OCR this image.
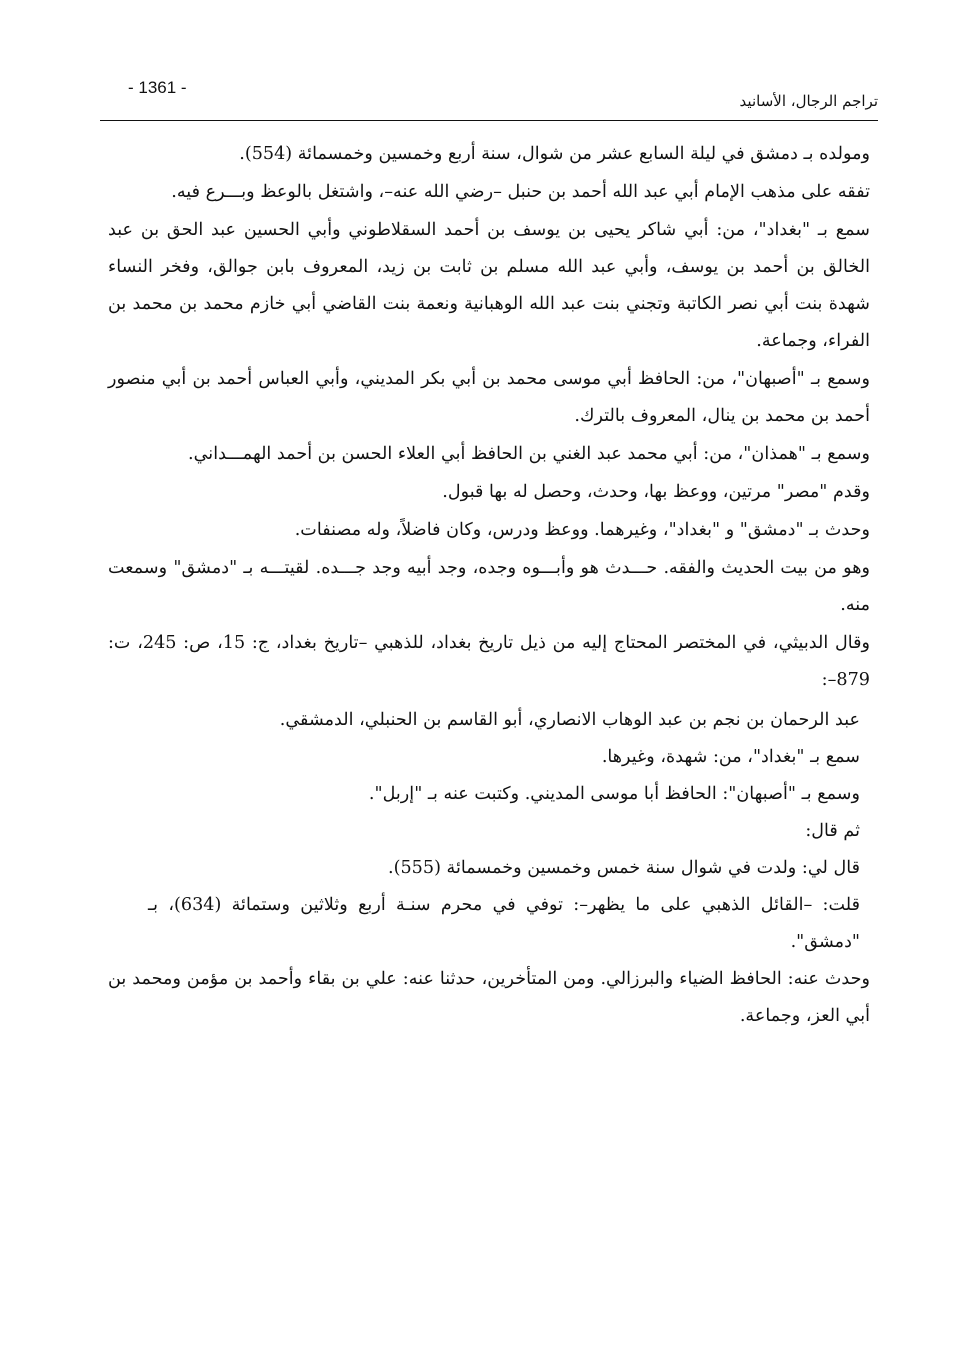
- 1361 -
تراجم الرجال، الأسانيد

ومولده بـ دمشق في ليلة السابع عشر من شوال، سنة أربع وخمسين وخمسمائة (554).

تفقه على مذهب الإمام أبي عبد الله أحمد بن حنبل –رضي الله عنه–، واشتغل بالوعظ وبـــرع فيه.

سمع بـ "بغداد"، من: أبي شاكر يحيى بن يوسف بن أحمد السقلاطوني وأبي الحسين عبد الحق بن عبد الخالق بن أحمد بن يوسف، وأبي عبد الله مسلم بن ثابت بن زيد، المعروف بابن جوالق، وفخر النساء شهدة بنت أبي نصر الكاتبة وتجني بنت عبد الله الوهبانية ونعمة بنت القاضي أبي خازم محمد بن محمد بن الفراء، وجماعة.

وسمع بـ "أصبهان"، من: الحافظ أبي موسى محمد بن أبي بكر المديني، وأبي العباس أحمد بن أبي منصور أحمد بن محمد بن ينال، المعروف بالترك.

وسمع بـ "همذان"، من: أبي محمد عبد الغني بن الحافظ أبي العلاء الحسن بن أحمد الهمـــداني.

وقدم "مصر" مرتين، ووعظ بها، وحدث، وحصل له بها قبول.

وحدث بـ "دمشق" و "بغداد"، وغيرهما. ووعظ ودرس، وكان فاضلاً، وله مصنفات.

وهو من بيت الحديث والفقه. حـــدث هو وأبـــوه وجده، وجد أبيه وجد جـــده. لقيتـــه بـ "دمشق" وسمعت منه.

وقال الدبيثي، في المختصر المحتاج إليه من ذيل تاريخ بغداد، للذهبي –تاريخ بغداد، ج: 15، ص: 245، ت: 879–:

عبد الرحمان بن نجم بن عبد الوهاب الانصاري، أبو القاسم بن الحنبلي، الدمشقي.

سمع بـ "بغداد"، من: شهدة، وغيرها.

وسمع بـ "أصبهان": الحافظ أبا موسى المديني. وكتبت عنه بـ "إربل".

ثم قال:

قال لي: ولدت في شوال سنة خمس وخمسين وخمسمائة (555).

قلت: –القائل الذهبي على ما يظهر–: توفي في محرم سنـة أربع وثلاثين وستمائة (634)، بـ "دمشق".

وحدث عنه: الحافظ الضياء والبرزالي. ومن المتأخرين، حدثنا عنه: علي بن بقاء وأحمد بن مؤمن ومحمد بن أبي العز، وجماعة.
